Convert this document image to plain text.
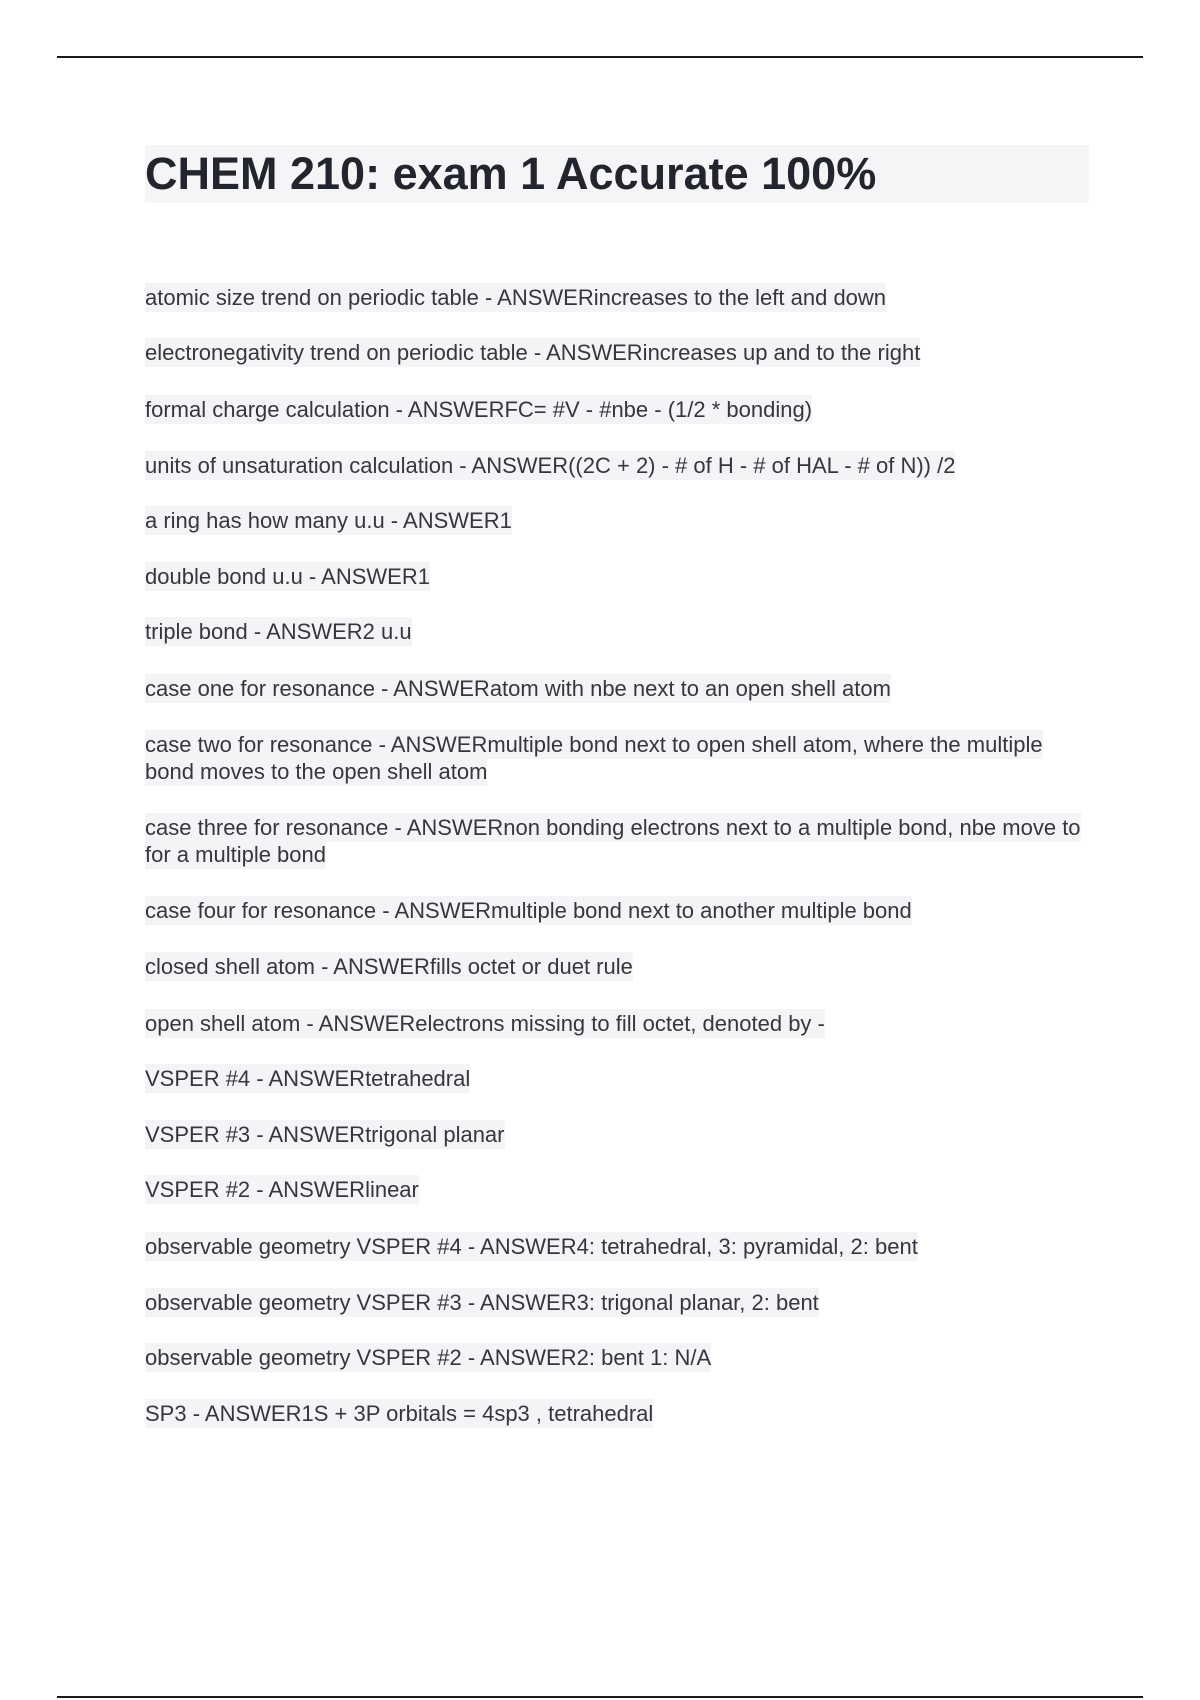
CHEM 210: exam 1 Accurate 100%

atomic size trend on periodic table - ANSWERincreases to the left and down

electronegativity trend on periodic table - ANSWERincreases up and to the right

formal charge calculation - ANSWERFC= #V - #nbe - (1/2 * bonding)

units of unsaturation calculation - ANSWER((2C + 2) - # of H - # of HAL - # of N)) /2

a ring has how many u.u - ANSWER1

double bond u.u - ANSWER1

triple bond - ANSWER2 u.u

case one for resonance - ANSWERatom with nbe next to an open shell atom

case two for resonance - ANSWERmultiple bond next to open shell atom, where the multiple bond moves to the open shell atom

case three for resonance - ANSWERnon bonding electrons next to a multiple bond, nbe move to for a multiple bond

case four for resonance - ANSWERmultiple bond next to another multiple bond

closed shell atom - ANSWERfills octet or duet rule

open shell atom - ANSWERelectrons missing to fill octet, denoted by -

VSPER #4 - ANSWERtetrahedral

VSPER #3 - ANSWERtrigonal planar

VSPER #2 - ANSWERlinear

observable geometry VSPER #4 - ANSWER4: tetrahedral, 3: pyramidal, 2: bent

observable geometry VSPER #3 - ANSWER3: trigonal planar, 2: bent

observable geometry VSPER #2 - ANSWER2: bent 1: N/A

SP3 - ANSWER1S + 3P orbitals = 4sp3 , tetrahedral
